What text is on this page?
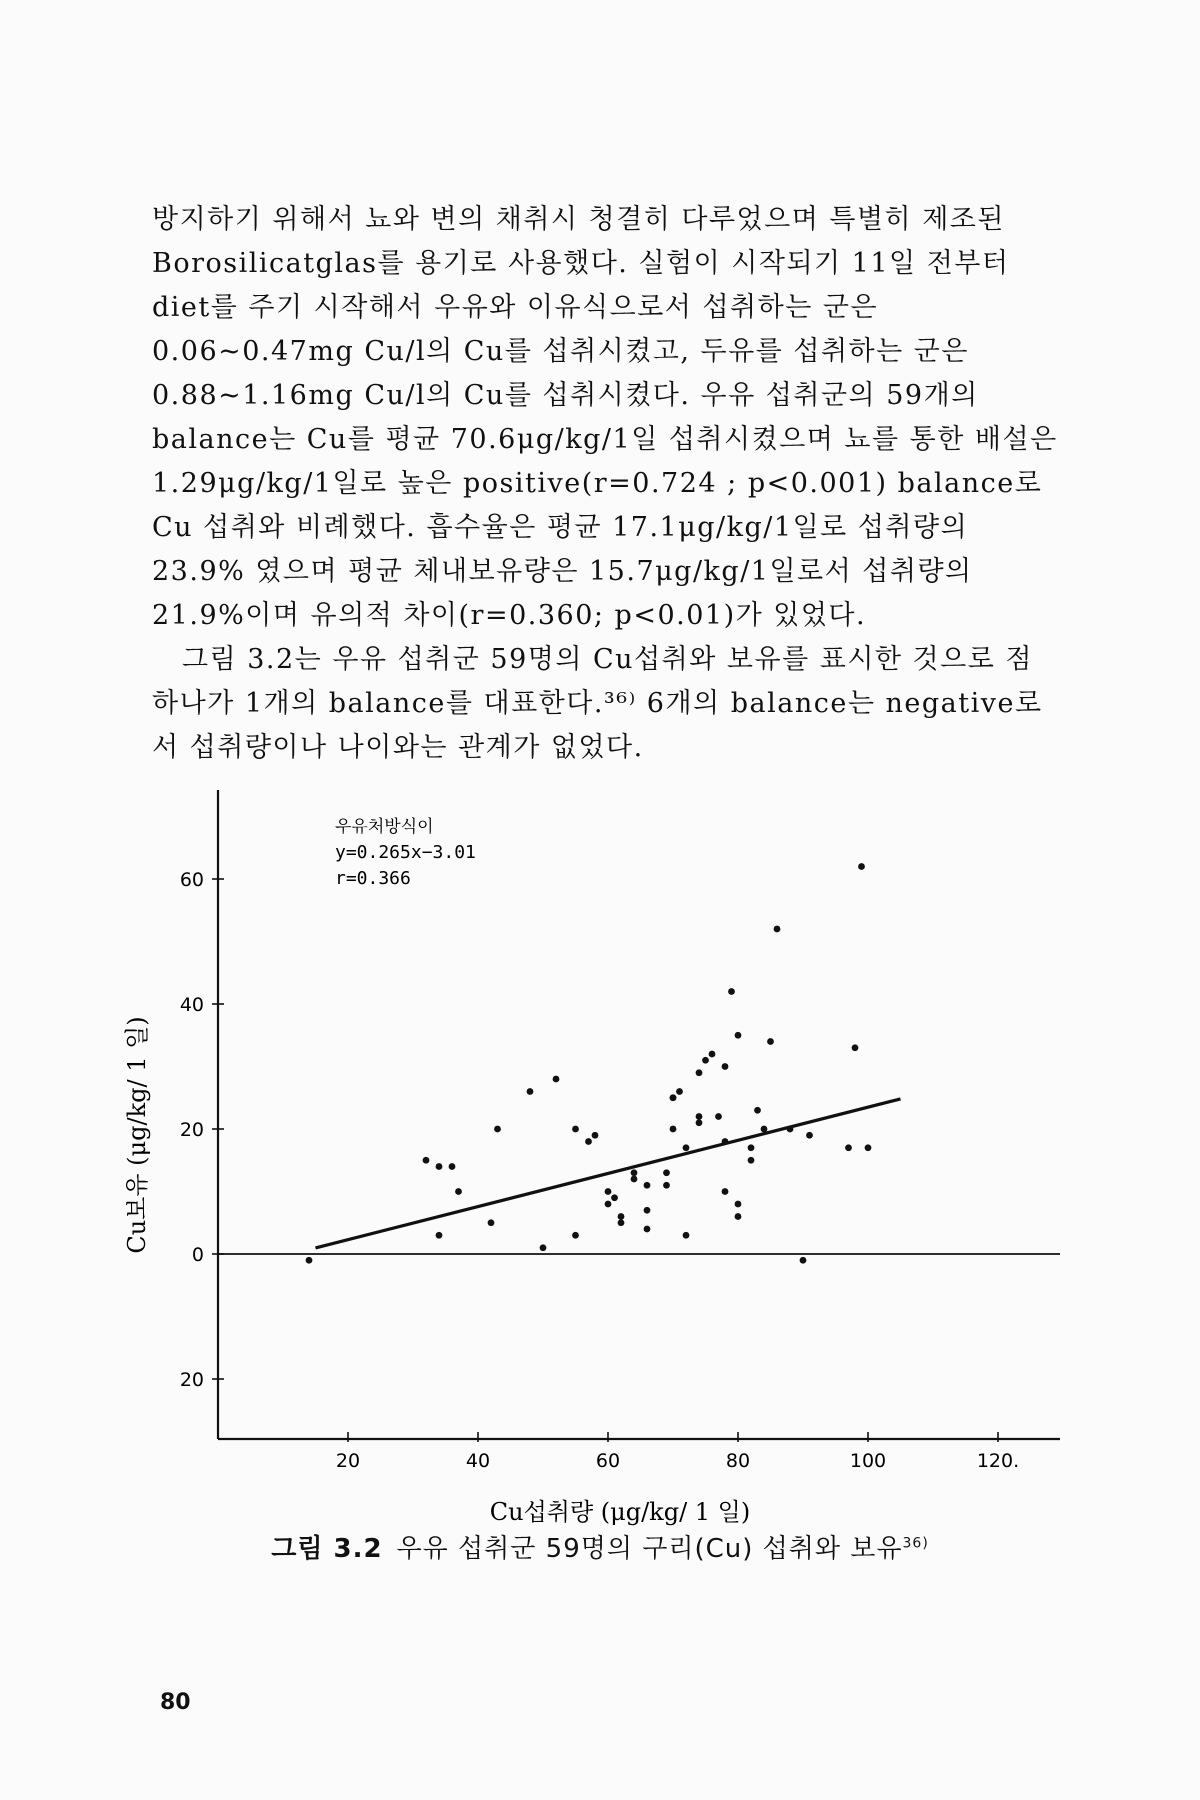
방지하기 위해서 뇨와 변의 채취시 청결히 다루었으며 특별히 제조된 Borosilicatglas를 용기로 사용했다. 실험이 시작되기 11일 전부터 diet를 주기 시작해서 우유와 이유식으로서 섭취하는 군은 0.06~0.47mg Cu/l의 Cu를 섭취시켰고, 두유를 섭취하는 군은 0.88~1.16mg Cu/l의 Cu를 섭취시켰다. 우유 섭취군의 59개의 balance는 Cu를 평균 70.6μg/kg/1일 섭취시켰으며 뇨를 통한 배설은 1.29μg/kg/1일로 높은 positive(r=0.724 ; p<0.001) balance로 Cu 섭취와 비례했다. 흡수율은 평균 17.1μg/kg/1일로 섭취량의 23.9% 였으며 평균 체내보유량은 15.7μg/kg/1일로서 섭취량의 21.9%이며 유의적 차이(r=0.360; p<0.01)가 있었다.

그림 3.2는 우유 섭취군 59명의 Cu섭취와 보유를 표시한 것으로 점 하나가 1개의 balance를 대표한다.³⁶⁾ 6개의 balance는 negative로서 섭취량이나 나이와는 관계가 없었다.

60
40
20
0
20
20	40	60	80	100	120.
우유처방식이
y=0.265x−3.01
r=0.366
Cu섭취량 (μg/kg/ 1 일)
Cu보유 (μg/kg/ 1 일)
그림 3.2 우유 섭취군 59명의 구리(Cu) 섭취와 보유$^{36)}$
80
